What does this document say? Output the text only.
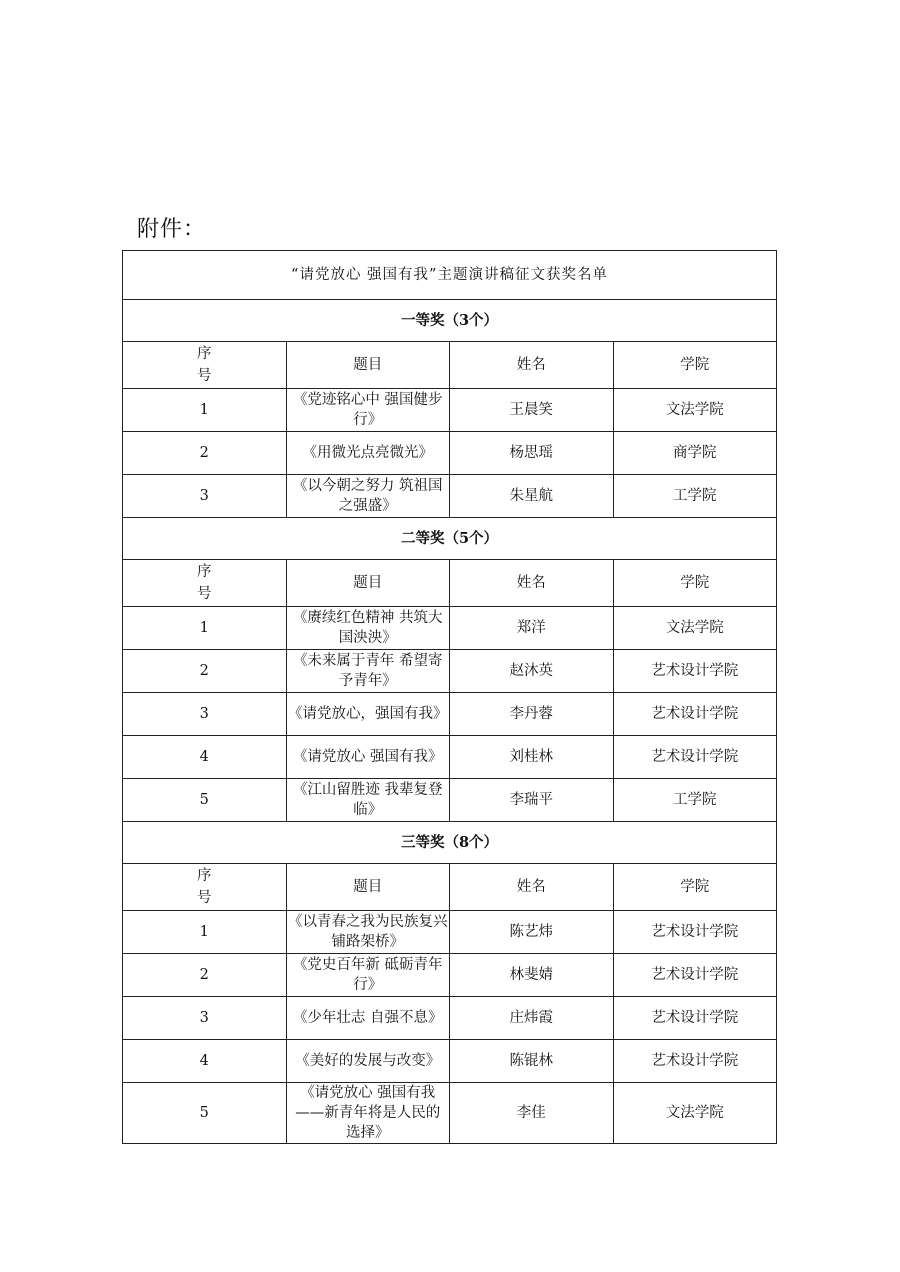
附件：
“请党放心 强国有我”主题演讲稿征文获奖名单			
一等奖（3个）			
序
号	题目	姓名	学院
1	《党迹铭心中 强国健步行》	王晨笑	文法学院
2	《用微光点亮微光》	杨思瑶	商学院
3	《以今朝之努力 筑祖国之强盛》	朱星航	工学院
二等奖（5个）			
序
号	题目	姓名	学院
1	《赓续红色精神 共筑大国泱泱》	郑洋	文法学院
2	《未来属于青年 希望寄予青年》	赵沐英	艺术设计学院
3	《请党放心，强国有我》	李丹蓉	艺术设计学院
4	《请党放心 强国有我》	刘桂林	艺术设计学院
5	《江山留胜迹 我辈复登临》	李瑞平	工学院
三等奖（8个）			
序
号	题目	姓名	学院
1	《以青春之我为民族复兴铺路架桥》	陈艺炜	艺术设计学院
2	《党史百年新 砥砺青年行》	林斐婧	艺术设计学院
3	《少年壮志 自强不息》	庄炜霞	艺术设计学院
4	《美好的发展与改变》	陈锟林	艺术设计学院
5	《请党放心 强国有我——新青年将是人民的选择》	李佳	文法学院
